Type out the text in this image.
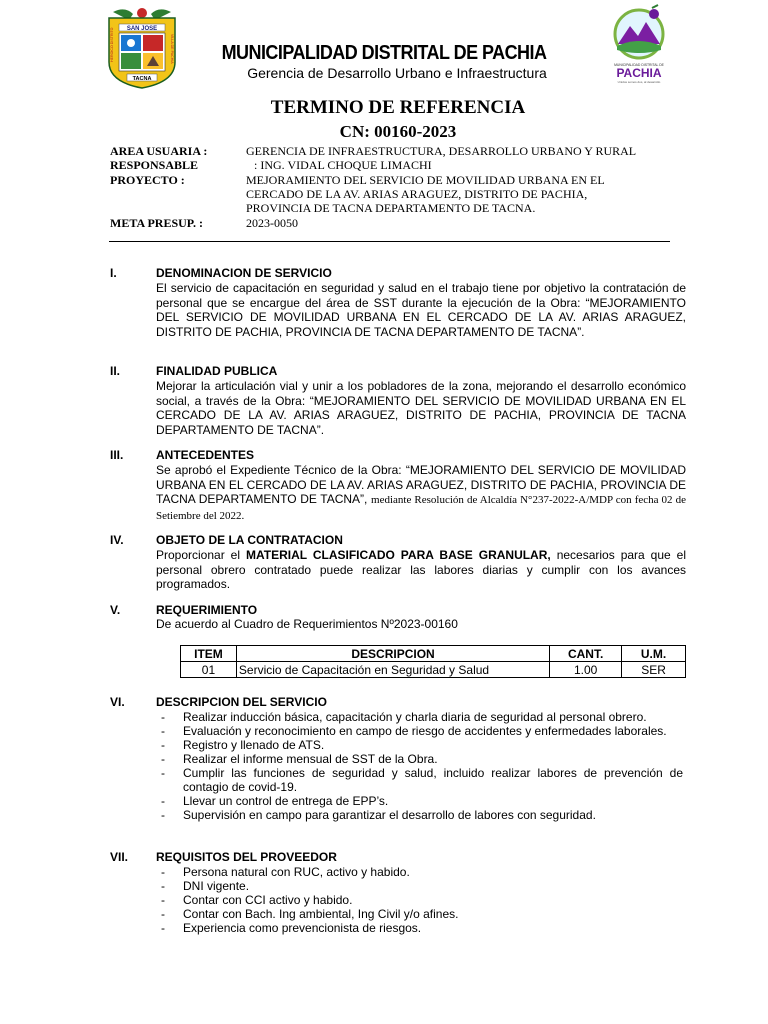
SAN JOSE
HEROICO DISTRITO	VILLA DE PACHIA
TACNA
MUNICIPALIDAD DISTRITAL DE
PACHIA
Unidos somos dos, al desarrollo
MUNICIPALIDAD DISTRITAL DE PACHIA
Gerencia de Desarrollo Urbano e Infraestructura
TERMINO DE REFERENCIA
CN: 00160-2023
AREA USUARIA :	GERENCIA DE INFRAESTRUCTURA, DESARROLLO URBANO Y RURAL
RESPONSABLE	: ING. VIDAL CHOQUE LIMACHI
PROYECTO :	MEJORAMIENTO DEL SERVICIO DE MOVILIDAD URBANA EN EL CERCADO DE LA AV. ARIAS ARAGUEZ, DISTRITO DE PACHIA, PROVINCIA DE TACNA DEPARTAMENTO DE TACNA.
META PRESUP. :	2023-0050
I.	DENOMINACION DE SERVICIO
El servicio de capacitación en seguridad y salud en el trabajo tiene por objetivo la contratación de personal que se encargue del área de SST durante la ejecución de la Obra: “MEJORAMIENTO DEL SERVICIO DE MOVILIDAD URBANA EN EL CERCADO DE LA AV. ARIAS ARAGUEZ, DISTRITO DE PACHIA, PROVINCIA DE TACNA DEPARTAMENTO DE TACNA”.
II.	FINALIDAD PUBLICA
Mejorar la articulación vial y unir a los pobladores de la zona, mejorando el desarrollo económico social, a través de la Obra: “MEJORAMIENTO DEL SERVICIO DE MOVILIDAD URBANA EN EL CERCADO DE LA AV. ARIAS ARAGUEZ, DISTRITO DE PACHIA, PROVINCIA DE TACNA DEPARTAMENTO DE TACNA”.
III.	ANTECEDENTES
Se aprobó el Expediente Técnico de la Obra: “MEJORAMIENTO DEL SERVICIO DE MOVILIDAD URBANA EN EL CERCADO DE LA AV. ARIAS ARAGUEZ, DISTRITO DE PACHIA, PROVINCIA DE TACNA DEPARTAMENTO DE TACNA”, mediante Resolución de Alcaldía N°237-2022-A/MDP con fecha 02 de Setiembre del 2022.
IV.	OBJETO DE LA CONTRATACION
Proporcionar el MATERIAL CLASIFICADO PARA BASE GRANULAR, necesarios para que el personal obrero contratado puede realizar las labores diarias y cumplir con los avances programados.
V.	REQUERIMIENTO
De acuerdo al Cuadro de Requerimientos Nº2023-00160
ITEM	DESCRIPCION	CANT.	U.M.
01	Servicio de Capacitación en Seguridad y Salud	1.00	SER
VI.	DESCRIPCION DEL SERVICIO
- Realizar inducción básica, capacitación y charla diaria de seguridad al personal obrero.
- Evaluación y reconocimiento en campo de riesgo de accidentes y enfermedades laborales.
- Registro y llenado de ATS.
- Realizar el informe mensual de SST de la Obra.
- Cumplir las funciones de seguridad y salud, incluido realizar labores de prevención de contagio de covid-19.
- Llevar un control de entrega de EPP’s.
- Supervisión en campo para garantizar el desarrollo de labores con seguridad.
VII. REQUISITOS DEL PROVEEDOR
- Persona natural con RUC, activo y habido.
- DNI vigente.
- Contar con CCI activo y habido.
- Contar con Bach. Ing ambiental, Ing Civil y/o afines.
- Experiencia como prevencionista de riesgos.
